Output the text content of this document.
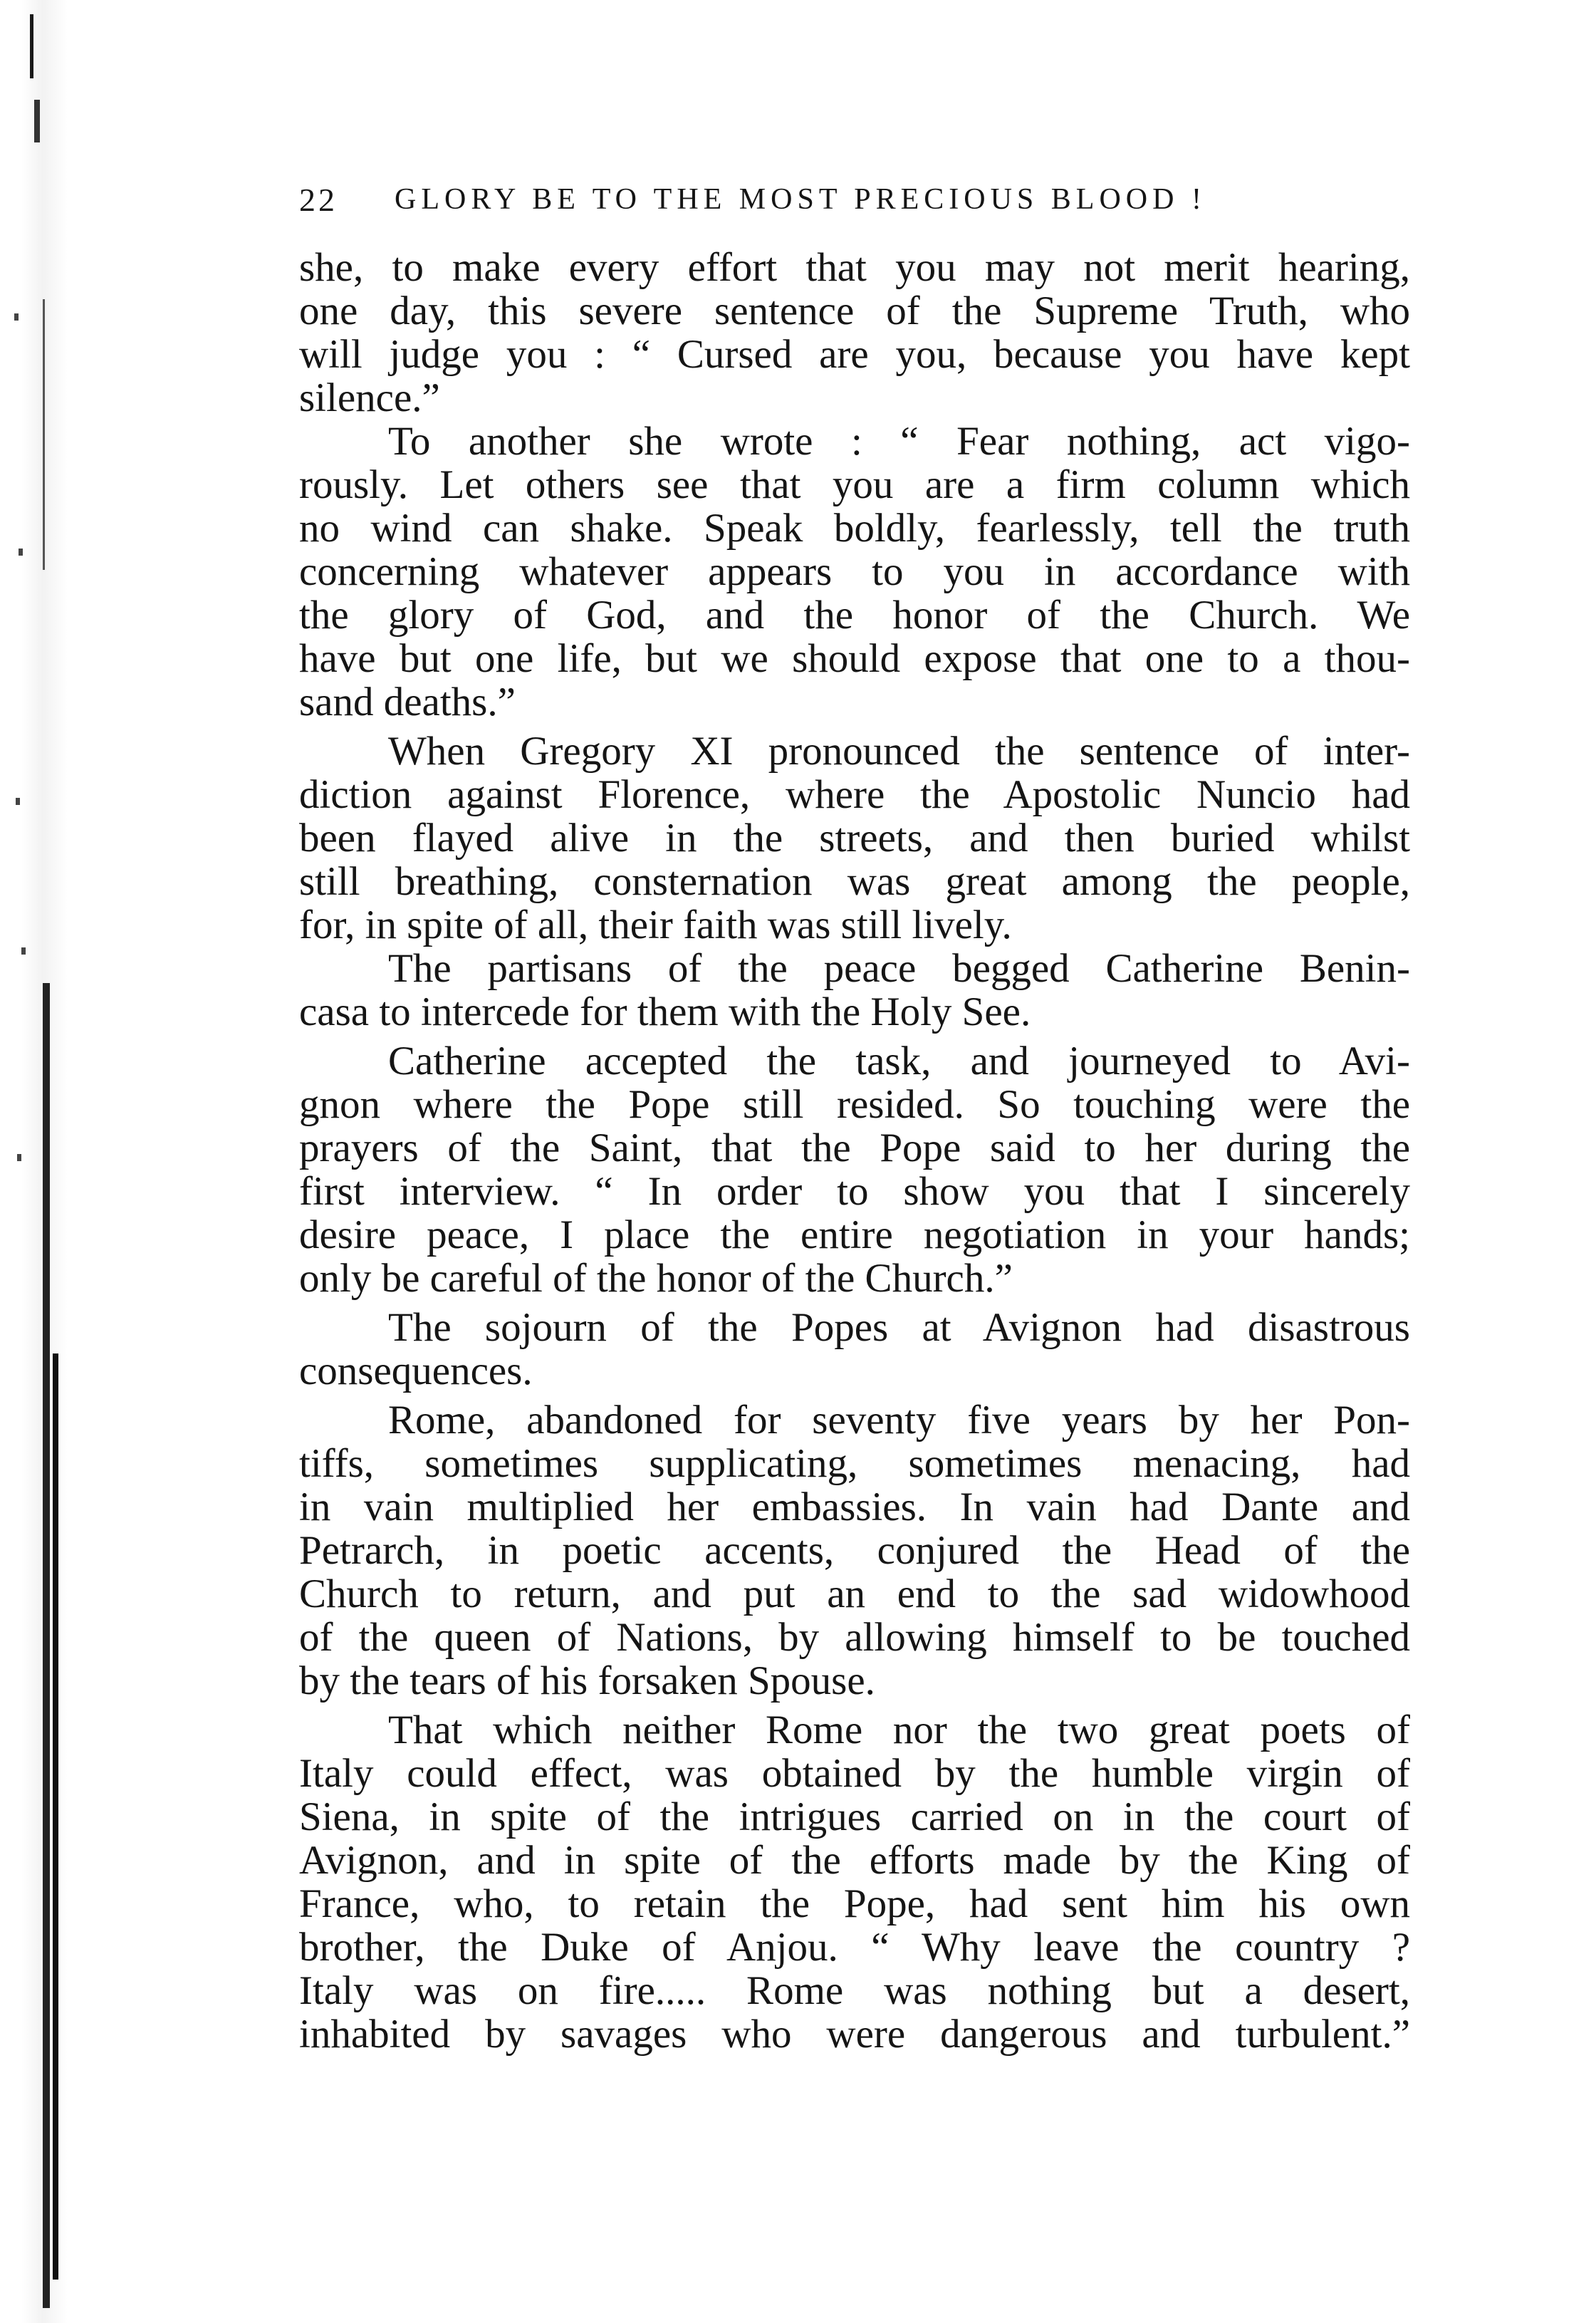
22 GLORY BE TO THE MOST PRECIOUS BLOOD !
she, to make every effort that you may not merit hearing,
one day, this severe sentence of the Supreme Truth, who
will judge you : “ Cursed are you, because you have kept
silence.”
To another she wrote : “ Fear nothing, act vigo-
rously. Let others see that you are a firm column which
no wind can shake. Speak boldly, fearlessly, tell the truth
concerning whatever appears to you in accordance with
the glory of God, and the honor of the Church. We
have but one life, but we should expose that one to a thou-
sand deaths.”
When Gregory XI pronounced the sentence of inter-
diction against Florence, where the Apostolic Nuncio had
been flayed alive in the streets, and then buried whilst
still breathing, consternation was great among the people,
for, in spite of all, their faith was still lively.
The partisans of the peace begged Catherine Benin-
casa to intercede for them with the Holy See.
Catherine accepted the task, and journeyed to Avi-
gnon where the Pope still resided. So touching were the
prayers of the Saint, that the Pope said to her during the
first interview. “ In order to show you that I sincerely
desire peace, I place the entire negotiation in your hands;
only be careful of the honor of the Church.”
The sojourn of the Popes at Avignon had disastrous
consequences.
Rome, abandoned for seventy five years by her Pon-
tiffs, sometimes supplicating, sometimes menacing, had
in vain multiplied her embassies. In vain had Dante and
Petrarch, in poetic accents, conjured the Head of the
Church to return, and put an end to the sad widowhood
of the queen of Nations, by allowing himself to be touched
by the tears of his forsaken Spouse.
That which neither Rome nor the two great poets of
Italy could effect, was obtained by the humble virgin of
Siena, in spite of the intrigues carried on in the court of
Avignon, and in spite of the efforts made by the King of
France, who, to retain the Pope, had sent him his own
brother, the Duke of Anjou. “ Why leave the country ?
Italy was on fire..... Rome was nothing but a desert,
inhabited by savages who were dangerous and turbulent.”
